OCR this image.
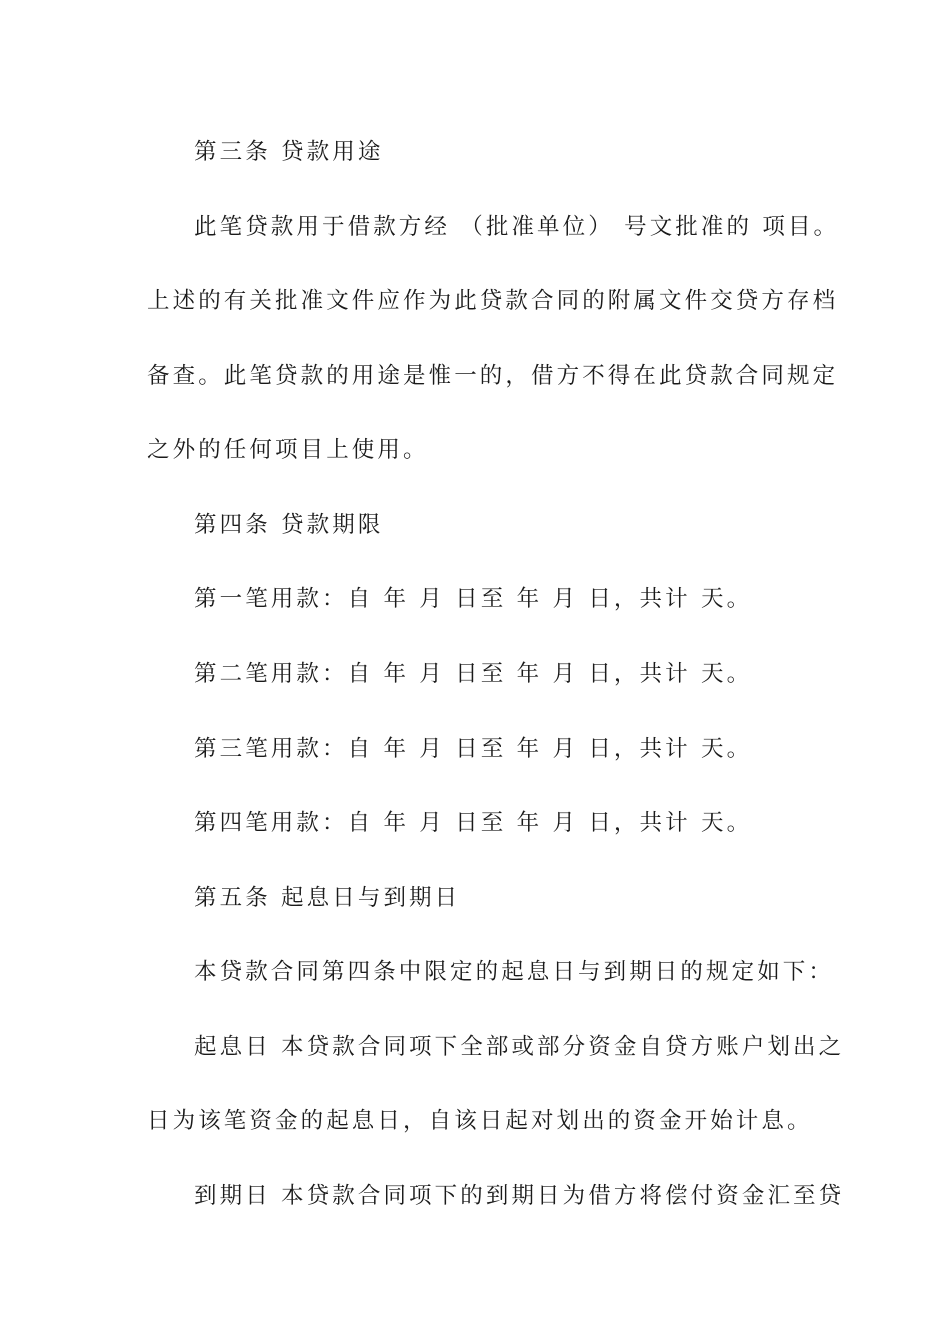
第三条 贷款用途
此笔贷款用于借款方经 （批准单位） 号文批准的 项目。
上述的有关批准文件应作为此贷款合同的附属文件交贷方存档
备查。此笔贷款的用途是惟一的，借方不得在此贷款合同规定
之外的任何项目上使用。
第四条 贷款期限
第一笔用款：自 年 月 日至 年 月 日，共计 天。
第二笔用款：自 年 月 日至 年 月 日，共计 天。
第三笔用款：自 年 月 日至 年 月 日，共计 天。
第四笔用款：自 年 月 日至 年 月 日，共计 天。
第五条 起息日与到期日
本贷款合同第四条中限定的起息日与到期日的规定如下：
起息日 本贷款合同项下全部或部分资金自贷方账户划出之
日为该笔资金的起息日，自该日起对划出的资金开始计息。
到期日 本贷款合同项下的到期日为借方将偿付资金汇至贷
